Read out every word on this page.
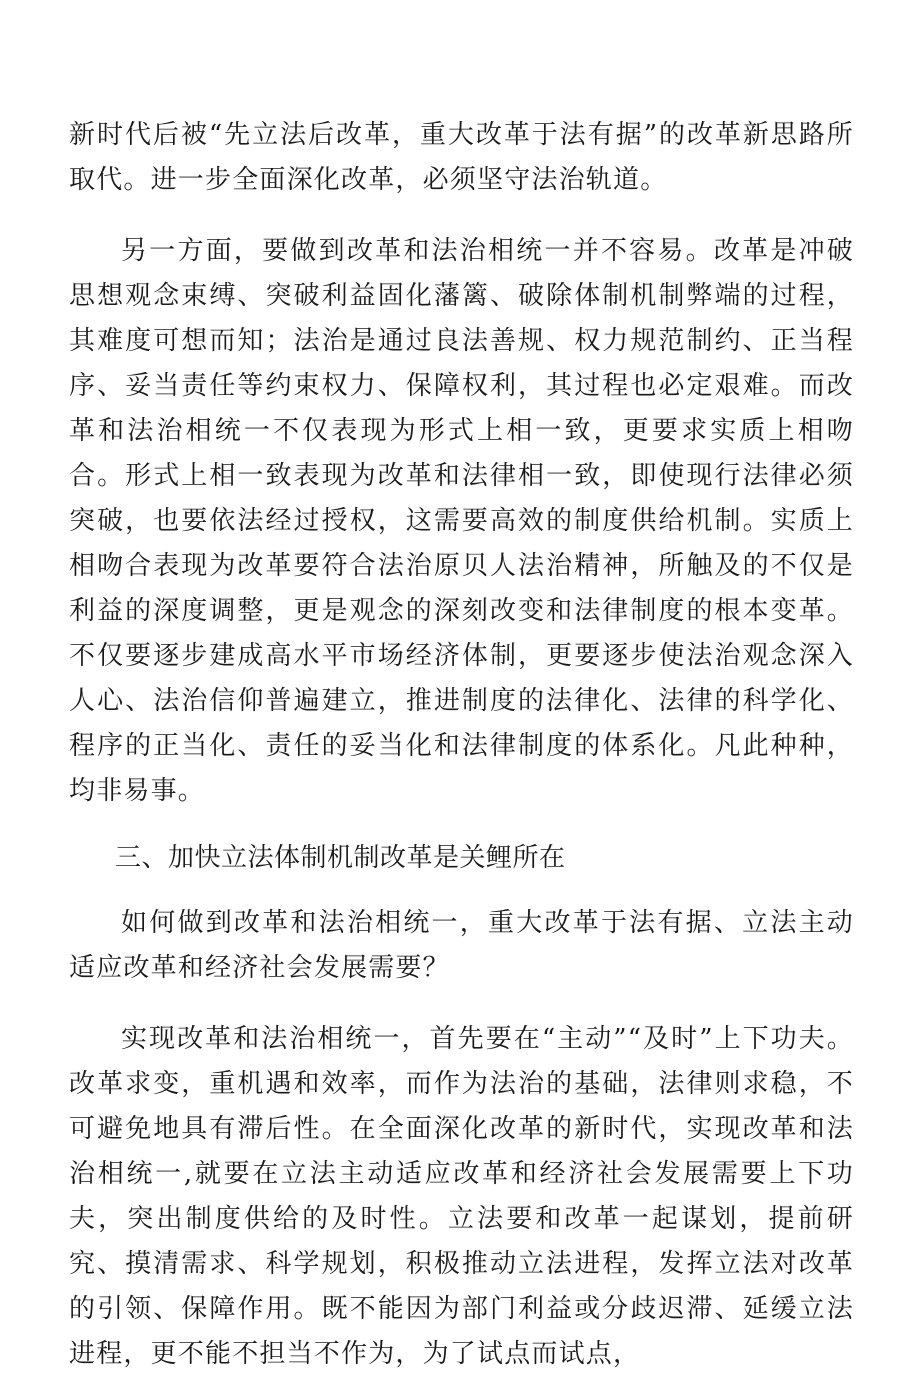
新时代后被“先立法后改革，重大改革于法有据”的改革新思路所取代。进一步全面深化改革，必须坚守法治轨道。

另一方面，要做到改革和法治相统一并不容易。改革是冲破思想观念束缚、突破利益固化藩篱、破除体制机制弊端的过程，其难度可想而知；法治是通过良法善规、权力规范制约、正当程序、妥当责任等约束权力、保障权利，其过程也必定艰难。而改革和法治相统一不仅表现为形式上相一致，更要求实质上相吻合。形式上相一致表现为改革和法律相一致，即使现行法律必须突破，也要依法经过授权，这需要高效的制度供给机制。实质上相吻合表现为改革要符合法治原贝人法治精神，所触及的不仅是利益的深度调整，更是观念的深刻改变和法律制度的根本变革。不仅要逐步建成高水平市场经济体制，更要逐步使法治观念深入人心、法治信仰普遍建立，推进制度的法律化、法律的科学化、程序的正当化、责任的妥当化和法律制度的体系化。凡此种种，均非易事。

三、加快立法体制机制改革是关鲤所在

如何做到改革和法治相统一，重大改革于法有据、立法主动适应改革和经济社会发展需要？

实现改革和法治相统一，首先要在“主动”“及时”上下功夫。改革求变，重机遇和效率，而作为法治的基础，法律则求稳，不可避免地具有滞后性。在全面深化改革的新时代，实现改革和法治相统一,就要在立法主动适应改革和经济社会发展需要上下功夫，突出制度供给的及时性。立法要和改革一起谋划，提前研究、摸清需求、科学规划，积极推动立法进程，发挥立法对改革的引领、保障作用。既不能因为部门利益或分歧迟滞、延缓立法进程，更不能不担当不作为，为了试点而试点，
